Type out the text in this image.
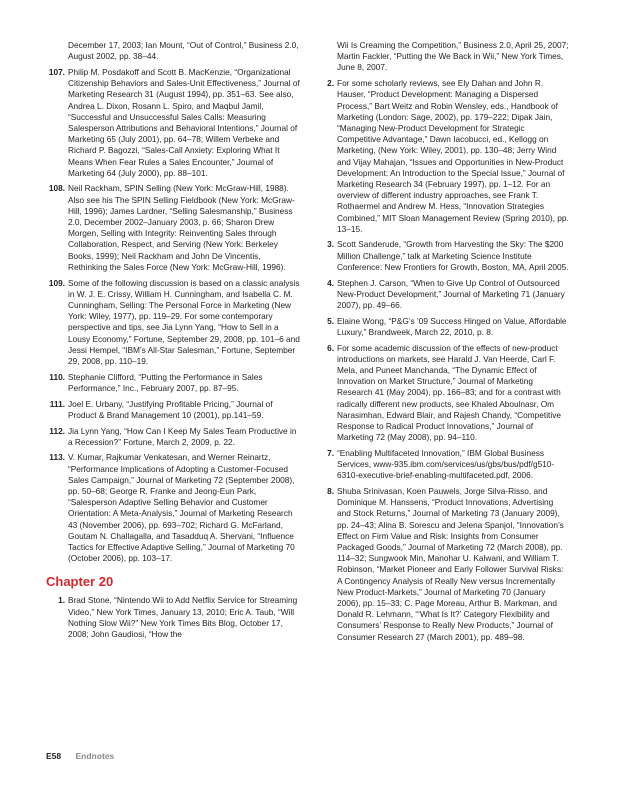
December 17, 2003; Ian Mount, “Out of Control,” Business 2.0, August 2002, pp. 38–44.
107. Philip M. Posdakoff and Scott B. MacKenzie, “Organizational Citizenship Behaviors and Sales-Unit Effectiveness,” Journal of Marketing Research 31 (August 1994), pp. 351–63. See also, Andrea L. Dixon, Rosann L. Spiro, and Maqbul Jamil, “Successful and Unsuccessful Sales Calls: Measuring Salesperson Attributions and Behavioral Intentions,” Journal of Marketing 65 (July 2001), pp. 64–78; Willem Verbeke and Richard P. Bagozzi, “Sales-Call Anxiety: Exploring What It Means When Fear Rules a Sales Encounter,” Journal of Marketing 64 (July 2000), pp. 88–101.
108. Neil Rackham, SPIN Selling (New York: McGraw-Hill, 1988). Also see his The SPIN Selling Fieldbook (New York: McGraw-Hill, 1996); James Lardner, “Selling Salesmanship,” Business 2.0, December 2002–January 2003, p. 66; Sharon Drew Morgen, Selling with Integrity: Reinventing Sales through Collaboration, Respect, and Serving (New York: Berkeley Books, 1999); Neil Rackham and John De Vincentis, Rethinking the Sales Force (New York: McGraw-Hill, 1996).
109. Some of the following discussion is based on a classic analysis in W. J. E. Crissy, William H. Cunningham, and Isabella C. M. Cunningham, Selling: The Personal Force in Marketing (New York: Wiley, 1977), pp. 119–29. For some contemporary perspective and tips, see Jia Lynn Yang, “How to Sell in a Lousy Economy,” Fortune, September 29, 2008, pp. 101–6 and Jessi Hempel, “IBM’s All-Star Salesman,” Fortune, September 29, 2008, pp. 110–19.
110. Stephanie Clifford, “Putting the Performance in Sales Performance,” Inc., February 2007, pp. 87–95.
111. Joel E. Urbany, “Justifying Profitable Pricing,” Journal of Product & Brand Management 10 (2001), pp.141–59.
112. Jia Lynn Yang, “How Can I Keep My Sales Team Productive in a Recession?” Fortune, March 2, 2009, p. 22.
113. V. Kumar, Rajkumar Venkatesan, and Werner Reinartz, “Performance Implications of Adopting a Customer-Focused Sales Campaign,” Journal of Marketing 72 (September 2008), pp. 50–68; George R. Franke and Jeong-Eun Park, “Salesperson Adaptive Selling Behavior and Customer Orientation: A Meta-Analysis,” Journal of Marketing Research 43 (November 2006), pp. 693–702; Richard G. McFarland, Goutam N. Challagalla, and Tasadduq A. Shervani, “Influence Tactics for Effective Adaptive Selling,” Journal of Marketing 70 (October 2006), pp. 103–17.
Chapter 20
1. Brad Stone, “Nintendo Wii to Add Netflix Service for Streaming Video,” New York Times, January 13, 2010; Eric A. Taub, “Will Nothing Slow Wii?” New York Times Bits Blog, October 17, 2008; John Gaudiosi, “How the
Wii Is Creaming the Competition,” Business 2.0, April 25, 2007; Martin Fackler, “Putting the We Back in Wii,” New York Times, June 8, 2007.
2. For some scholarly reviews, see Ely Dahan and John R. Hauser, “Product Development: Managing a Dispersed Process,” Bart Weitz and Robin Wensley, eds., Handbook of Marketing (London: Sage, 2002), pp. 179–222; Dipak Jain, “Managing New-Product Development for Strategic Competitive Advantage,” Dawn Iacobucci, ed., Kellogg on Marketing, (New York: Wiley, 2001), pp. 130–48; Jerry Wind and Vijay Mahajan, “Issues and Opportunities in New-Product Development: An Introduction to the Special Issue,” Journal of Marketing Research 34 (February 1997), pp. 1–12. For an overview of different industry approaches, see Frank T. Rothaermel and Andrew M. Hess, “Innovation Strategies Combined,” MIT Sloan Management Review (Spring 2010), pp. 13–15.
3. Scott Sanderude, “Growth from Harvesting the Sky: The $200 Million Challenge,” talk at Marketing Science Institute Conference: New Frontiers for Growth, Boston, MA, April 2005.
4. Stephen J. Carson, “When to Give Up Control of Outsourced New-Product Development,” Journal of Marketing 71 (January 2007), pp. 49–66.
5. Elaine Wong, “P&G’s ’09 Success Hinged on Value, Affordable Luxury,” Brandweek, March 22, 2010, p. 8.
6. For some academic discussion of the effects of new-product introductions on markets, see Harald J. Van Heerde, Carl F. Mela, and Puneet Manchanda, “The Dynamic Effect of Innovation on Market Structure,” Journal of Marketing Research 41 (May 2004), pp. 166–83; and for a contrast with radically different new products, see Khaled Aboulnasr, Om Narasimhan, Edward Blair, and Rajesh Chandy, “Competitive Response to Radical Product Innovations,” Journal of Marketing 72 (May 2008), pp. 94–110.
7. “Enabling Multifaceted Innovation,” IBM Global Business Services, www-935.ibm.com/services/us/gbs/bus/pdf/g510-6310-executive-brief-enabling-multifaceted.pdf, 2006.
8. Shuba Srinivasan, Koen Pauwels, Jorge Silva-Risso, and Dominique M. Hanssens, “Product Innovations, Advertising and Stock Returns,” Journal of Marketing 73 (January 2009), pp. 24–43; Alina B. Sorescu and Jelena Spanjol, “Innovation’s Effect on Firm Value and Risk: Insights from Consumer Packaged Goods,” Journal of Marketing 72 (March 2008), pp. 114–32; Sungwook Min, Manohar U. Kalwani, and William T. Robinson, “Market Pioneer and Early Follower Survival Risks: A Contingency Analysis of Really New versus Incrementally New Product-Markets,” Journal of Marketing 70 (January 2006), pp. 15–33; C. Page Moreau, Arthur B. Markman, and Donald R. Lehmann, “‘What Is It?’ Category Flexibility and Consumers’ Response to Really New Products,” Journal of Consumer Research 27 (March 2001), pp. 489–98.
E58 Endnotes
